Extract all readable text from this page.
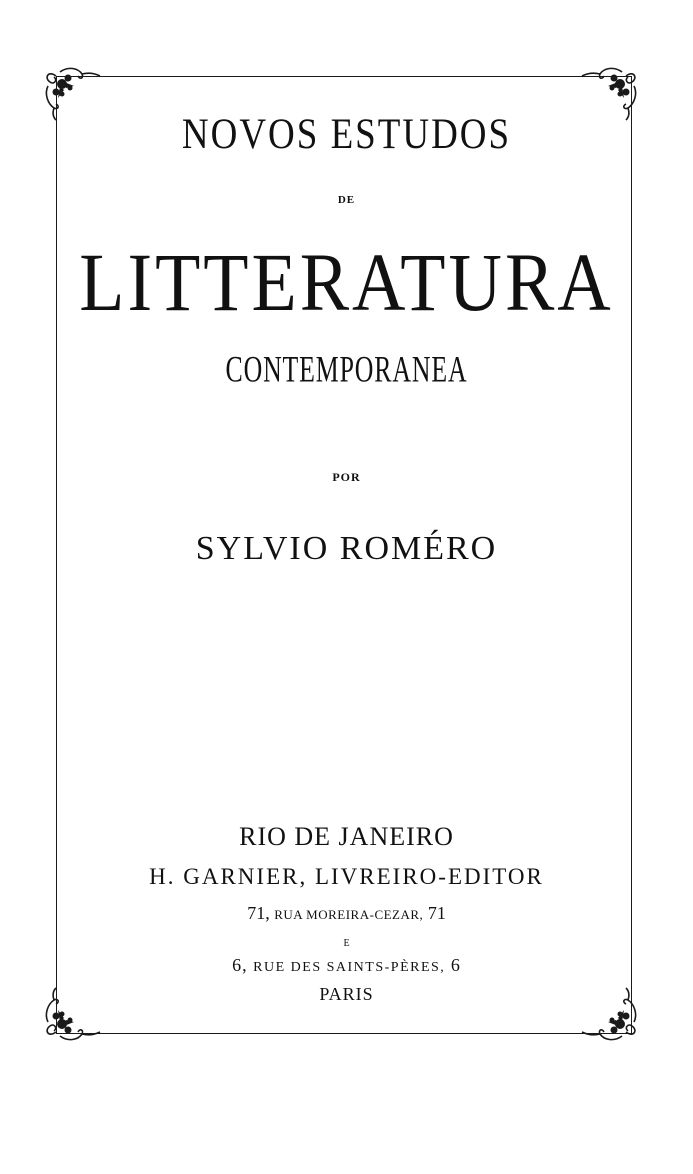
NOVOS ESTUDOS
DE
LITTERATURA
CONTEMPORANEA
POR
SYLVIO ROMÉRO
RIO DE JANEIRO
H. GARNIER, LIVREIRO-EDITOR
71, RUA MOREIRA-CEZAR, 71
E
6, RUE DES SAINTS-PÈRES, 6
PARIS
